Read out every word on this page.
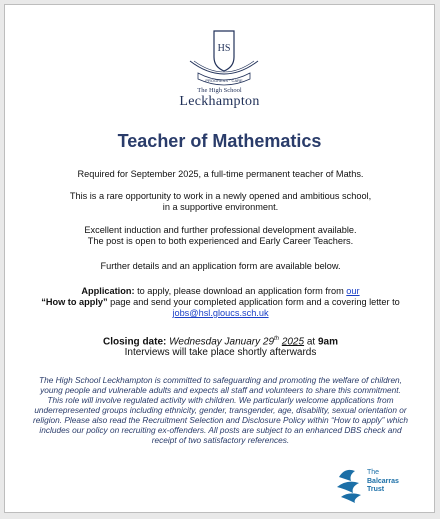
HS
PROGRESS · CARE
The High School
Leckhampton
Teacher of Mathematics
Required for September 2025, a full-time permanent teacher of Maths.
This is a rare opportunity to work in a newly opened and ambitious school,
in a supportive environment.
Excellent induction and further professional development available.
The post is open to both experienced and Early Career Teachers.
Further details and an application form are available below.
Application: to apply, please download an application form from our
“How to apply” page and send your completed application form and a covering letter to
jobs@hsl.gloucs.sch.uk
Closing date: Wednesday January 29th 2025 at 9am
Interviews will take place shortly afterwards
The High School Leckhampton is committed to safeguarding and promoting the welfare of children,
young people and vulnerable adults and expects all staff and volunteers to share this commitment.
This role will involve regulated activity with children. We particularly welcome applications from
underrepresented groups including ethnicity, gender, transgender, age, disability, sexual orientation or
religion. Please also read the Recruitment Selection and Disclosure Policy within “How to apply” which
includes our policy on recruiting ex-offenders. All posts are subject to an enhanced DBS check and
receipt of two satisfactory references.
The
Balcarras
Trust
